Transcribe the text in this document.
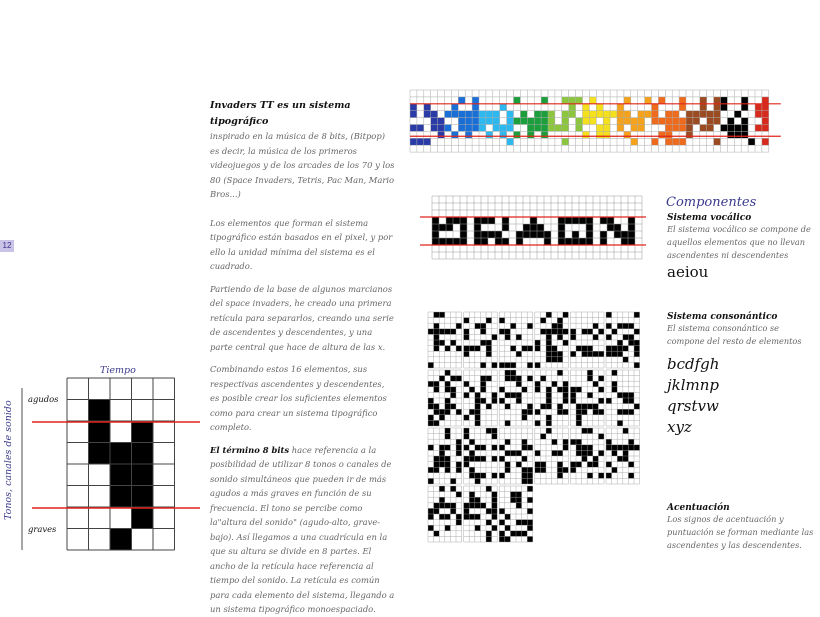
12

Invaders TT es un sistema tipográfico
inspirado en la música de 8 bits, (Bitpop) es decir, la música de los primeros videojuegos y de los arcades de los 70 y los 80 (Space Invaders, Tetris, Pac Man, Mario Bros...)

Los elementos que forman el sistema tipográfico están basados en el pixel, y por ello la unidad mínima del sistema es el cuadrado.

Partiendo de la base de algunos marcianos del space invaders, he creado una primera retícula para separarlos, creando una serie de ascendentes y descendentes, y una parte central que hace de altura de las x.

Combinando estos 16 elementos, sus respectivas ascendentes y descendentes, es posible crear los suficientes elementos como para crear un sistema tipográfico completo.

El término 8 bits hace referencia a la posibilidad de utilizar 8 tonos o canales de sonido simultáneos que pueden ir de más agudos a más graves en función de su frecuencia. El tono se percibe como la"altura del sonido" (agudo-alto, grave-bajo). Así llegamos a una cuadrícula en la que su altura se divide en 8 partes. El ancho de la retícula hace referencia al tiempo del sonido. La retícula es común para cada elemento del sistema, llegando a un sistema tipográfico monoespaciado.

Tiempo
Tonos, canales de sonido
agudos
graves
Componentes
Sistema vocálico
El sistema vocálico se compone de aquellos elementos que no llevan ascendentes ni descendentes
aeiou
Sistema consonántico
El sistema consonántico se compone del resto de elementos
bcdfgh
jklmnp
qrstvw
xyz
Acentuación
Los signos de acentuación y puntuación se forman mediante las ascendentes y las descendentes.
